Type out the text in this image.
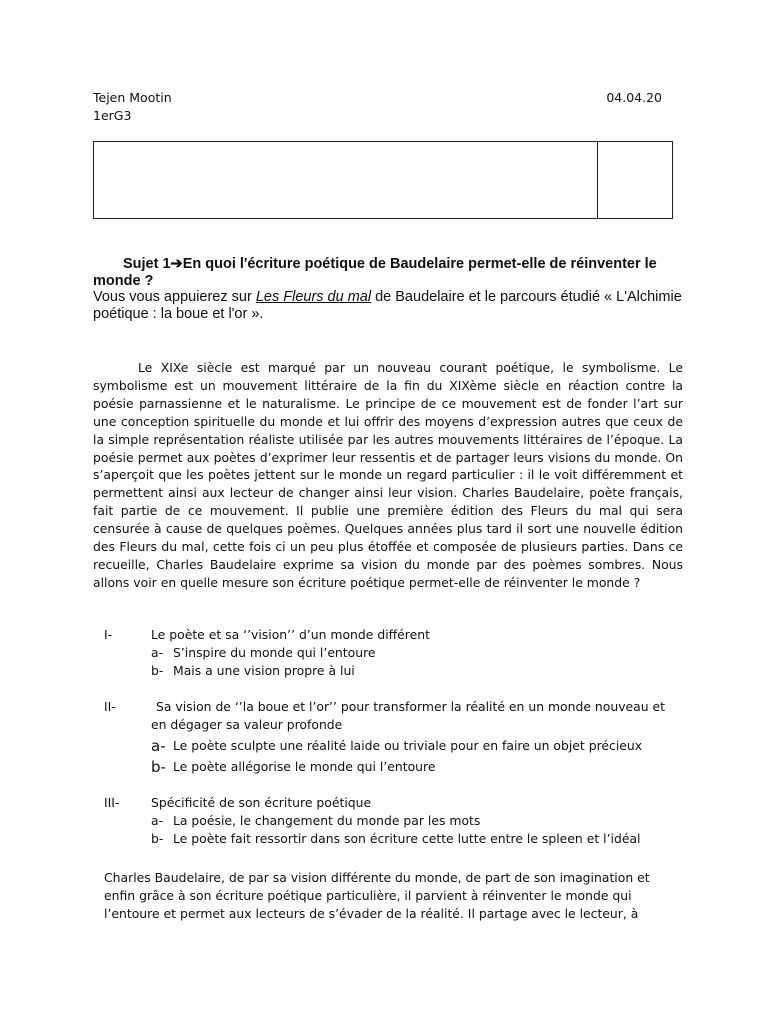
Tejen Mootin
1erG3
04.04.20
Sujet 1➔En quoi l'écriture poétique de Baudelaire permet-elle de réinventer le monde ?
Vous vous appuierez sur Les Fleurs du mal de Baudelaire et le parcours étudié « L'Alchimie poétique : la boue et l'or ».
Le XIXe siècle est marqué par un nouveau courant poétique, le symbolisme. Le symbolisme est un mouvement littéraire de la fin du XIXème siècle en réaction contre la poésie parnassienne et le naturalisme. Le principe de ce mouvement est de fonder l’art sur une conception spirituelle du monde et lui offrir des moyens d’expression autres que ceux de la simple représentation réaliste utilisée par les autres mouvements littéraires de l’époque. La poésie permet aux poètes d’exprimer leur ressentis et de partager leurs visions du monde. On s’aperçoit que les poètes jettent sur le monde un regard particulier : il le voit différemment et permettent ainsi aux lecteur de changer ainsi leur vision. Charles Baudelaire, poète français, fait partie de ce mouvement. Il publie une première édition des Fleurs du mal qui sera censurée à cause de quelques poèmes. Quelques années plus tard il sort une nouvelle édition des Fleurs du mal, cette fois ci un peu plus étoffée et composée de plusieurs parties. Dans ce recueille, Charles Baudelaire exprime sa vision du monde par des poèmes sombres. Nous allons voir en quelle mesure son écriture poétique permet-elle de réinventer le monde ?
I-	Le poète et sa ‘’vision’’ d’un monde différent
a- S’inspire du monde qui l’entoure
b- Mais a une vision propre à lui
II-	Sa vision de ‘’la boue et l’or’’ pour transformer la réalité en un monde nouveau et en dégager sa valeur profonde
a- Le poète sculpte une réalité laide ou triviale pour en faire un objet précieux
b- Le poète allégorise le monde qui l’entoure
III-	Spécificité de son écriture poétique
a- La poésie, le changement du monde par les mots
b- Le poète fait ressortir dans son écriture cette lutte entre le spleen et l’idéal
Charles Baudelaire, de par sa vision différente du monde, de part de son imagination et enfin grâce à son écriture poétique particulière, il parvient à réinventer le monde qui l’entoure et permet aux lecteurs de s’évader de la réalité. Il partage avec le lecteur, à
